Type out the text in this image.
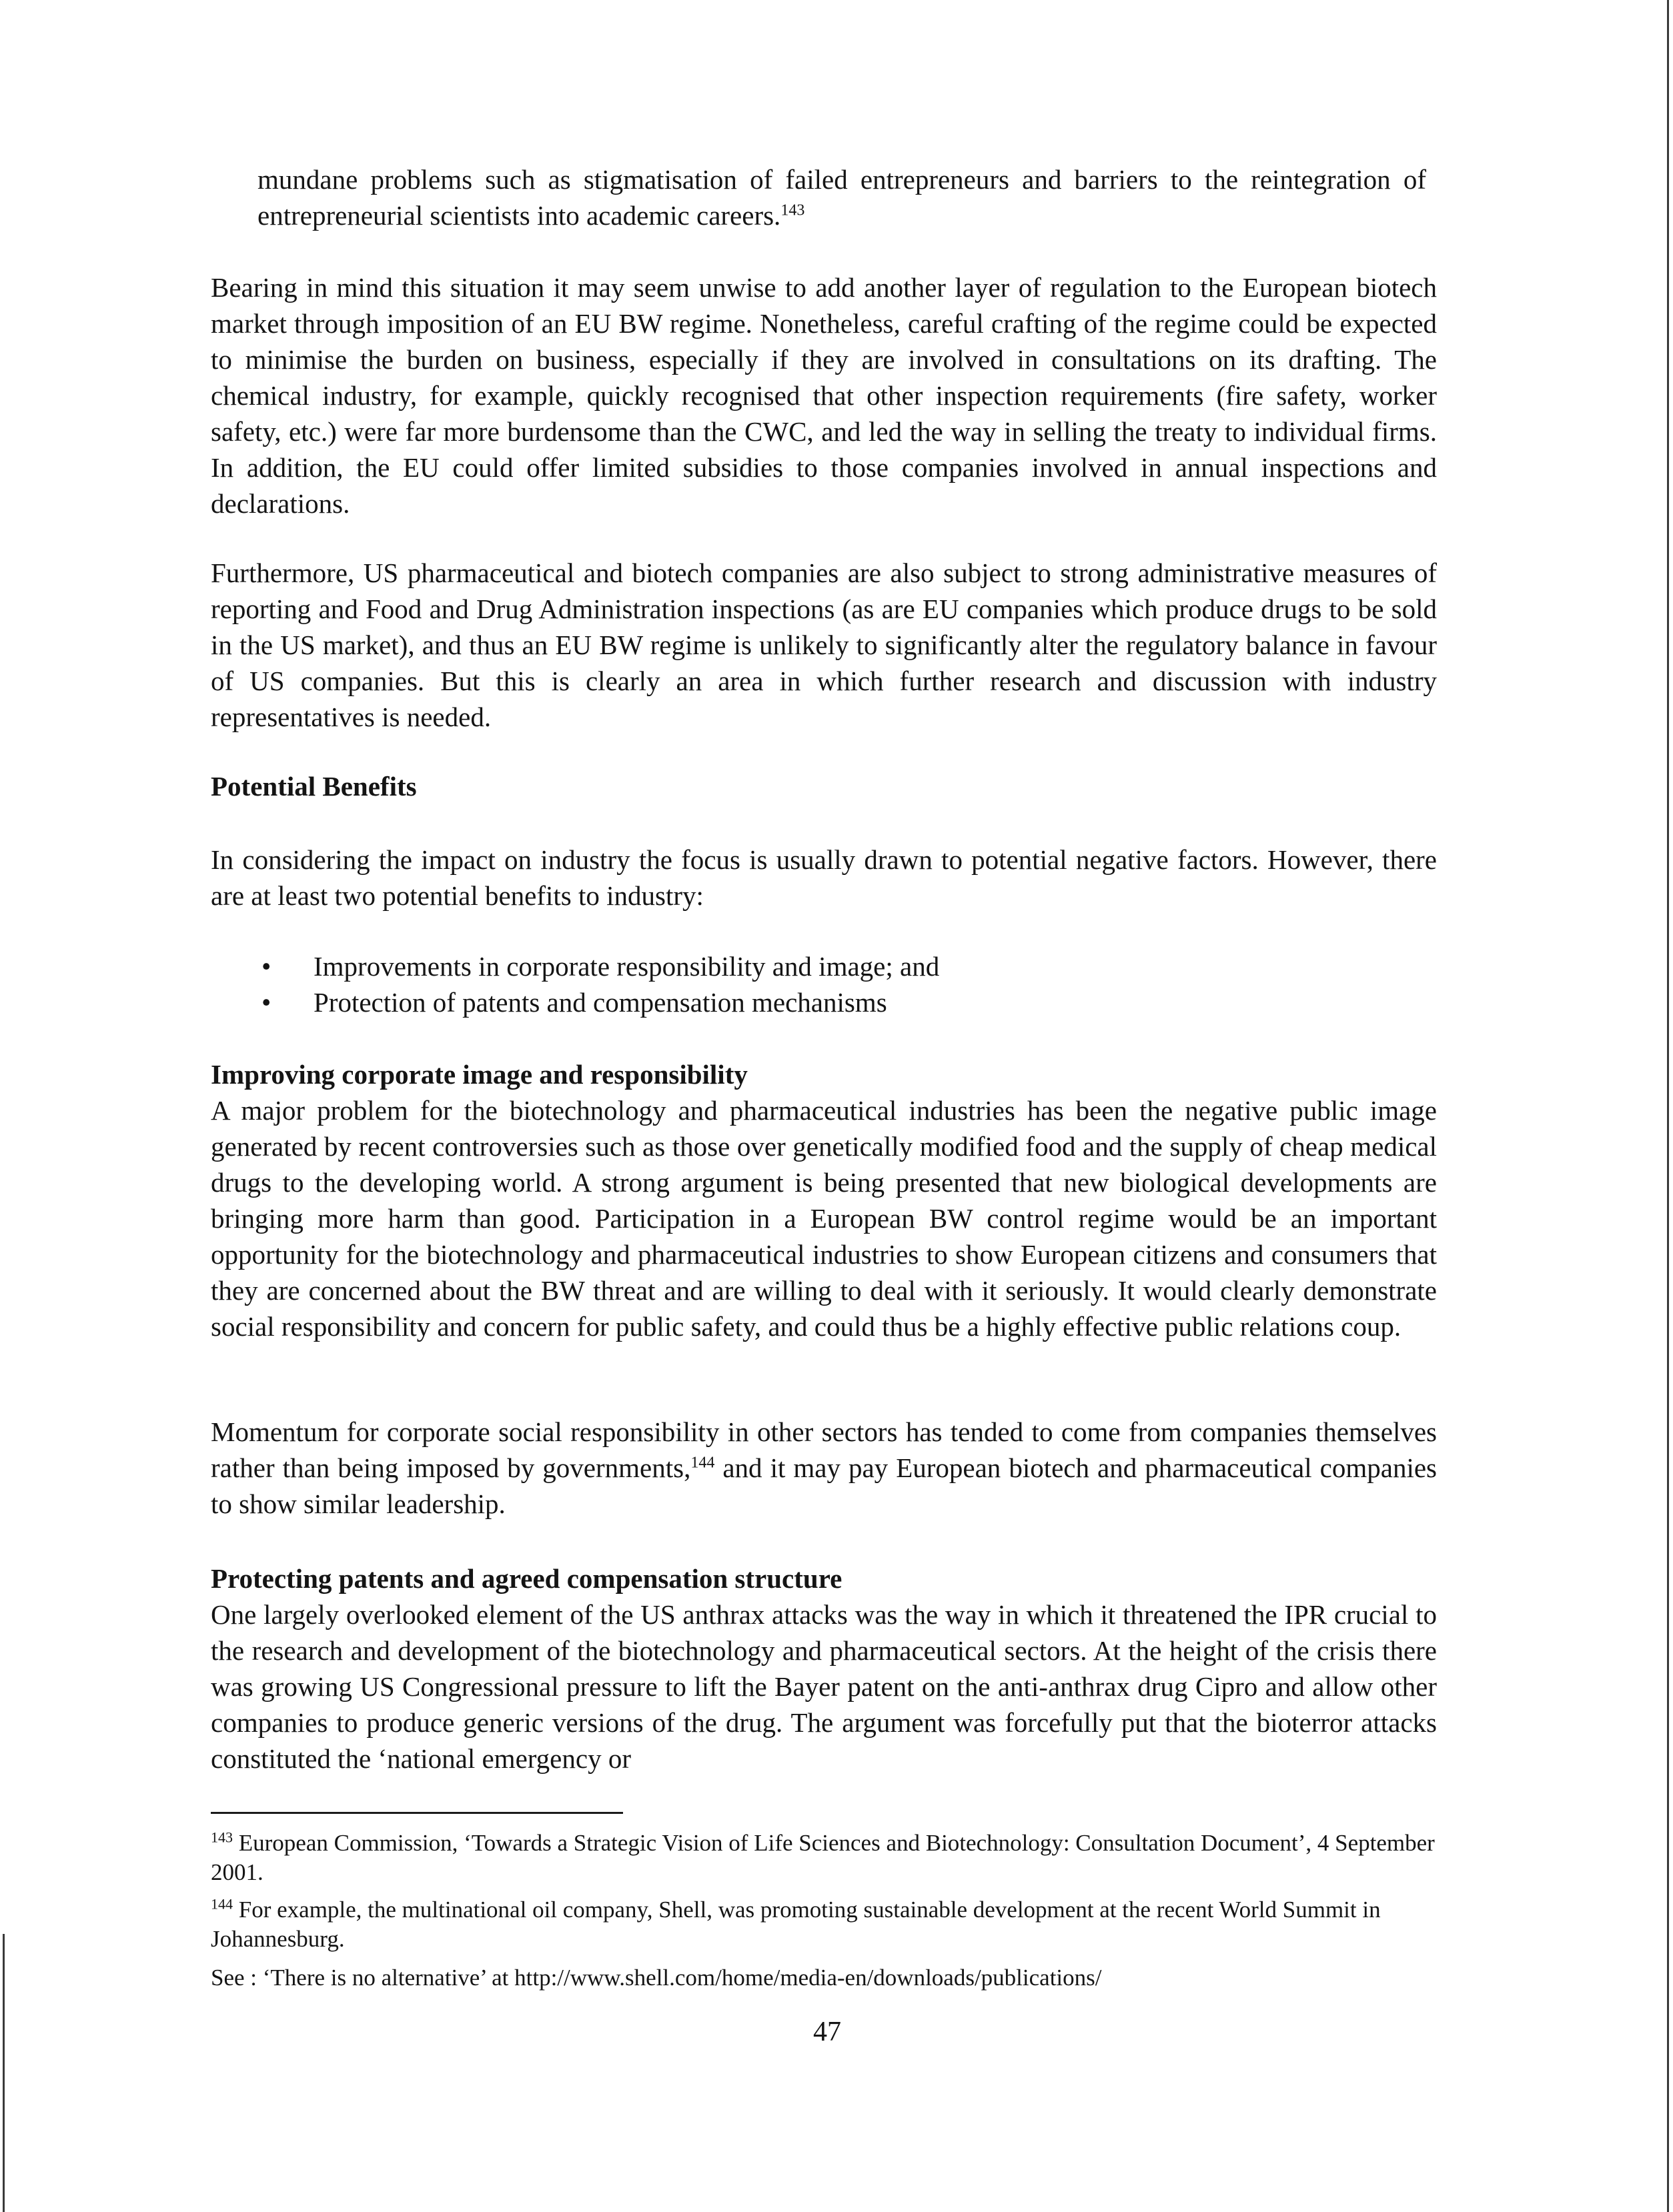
mundane problems such as stigmatisation of failed entrepreneurs and barriers to the reintegration of entrepreneurial scientists into academic careers.$^{143}$

Bearing in mind this situation it may seem unwise to add another layer of regulation to the European biotech market through imposition of an EU BW regime. Nonetheless, careful crafting of the regime could be expected to minimise the burden on business, especially if they are involved in consultations on its drafting. The chemical industry, for example, quickly recognised that other inspection requirements (fire safety, worker safety, etc.) were far more burdensome than the CWC, and led the way in selling the treaty to individual firms. In addition, the EU could offer limited subsidies to those companies involved in annual inspections and declarations.

Furthermore, US pharmaceutical and biotech companies are also subject to strong administrative measures of reporting and Food and Drug Administration inspections (as are EU companies which produce drugs to be sold in the US market), and thus an EU BW regime is unlikely to significantly alter the regulatory balance in favour of US companies. But this is clearly an area in which further research and discussion with industry representatives is needed.

Potential Benefits

In considering the impact on industry the focus is usually drawn to potential negative factors. However, there are at least two potential benefits to industry:

• Improvements in corporate responsibility and image; and
• Protection of patents and compensation mechanisms
Improving corporate image and responsibility

A major problem for the biotechnology and pharmaceutical industries has been the negative public image generated by recent controversies such as those over genetically modified food and the supply of cheap medical drugs to the developing world. A strong argument is being presented that new biological developments are bringing more harm than good. Participation in a European BW control regime would be an important opportunity for the biotechnology and pharmaceutical industries to show European citizens and consumers that they are concerned about the BW threat and are willing to deal with it seriously. It would clearly demonstrate social responsibility and concern for public safety, and could thus be a highly effective public relations coup.

Momentum for corporate social responsibility in other sectors has tended to come from companies themselves rather than being imposed by governments,$^{144}$ and it may pay European biotech and pharmaceutical companies to show similar leadership.

Protecting patents and agreed compensation structure

One largely overlooked element of the US anthrax attacks was the way in which it threatened the IPR crucial to the research and development of the biotechnology and pharmaceutical sectors. At the height of the crisis there was growing US Congressional pressure to lift the Bayer patent on the anti-anthrax drug Cipro and allow other companies to produce generic versions of the drug. The argument was forcefully put that the bioterror attacks constituted the ‘national emergency or

$^{143}$ European Commission, ‘Towards a Strategic Vision of Life Sciences and Biotechnology: Consultation Document’, 4 September 2001.

$^{144}$ For example, the multinational oil company, Shell, was promoting sustainable development at the recent World Summit in Johannesburg.

See : ‘There is no alternative’ at http://www.shell.com/home/media-en/downloads/publications/

47
